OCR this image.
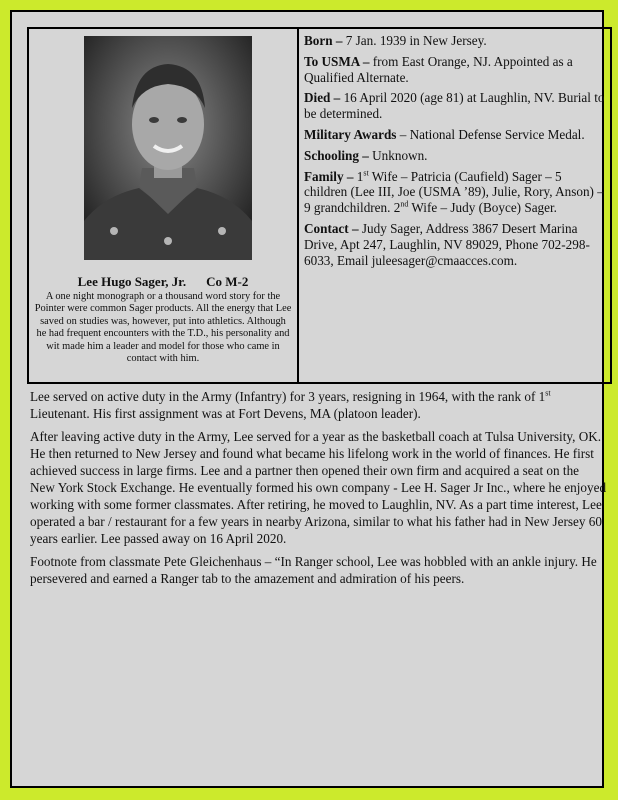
Lee Hugo Sager, Jr. Co M-2
A one night monograph or a thousand word story for the Pointer were common Sager products. All the energy that Lee saved on studies was, however, put into athletics. Although he had frequent encounters with the T.D., his personality and wit made him a leader and model for those who came in contact with him.

Born – 7 Jan. 1939 in New Jersey.

To USMA – from East Orange, NJ. Appointed as a Qualified Alternate.

Died – 16 April 2020 (age 81) at Laughlin, NV. Burial to be determined.

Military Awards – National Defense Service Medal.

Schooling – Unknown.

Family – 1st Wife – Patricia (Caufield) Sager – 5 children (Lee III, Joe (USMA ’89), Julie, Rory, Anson) – 9 grandchildren. 2nd Wife – Judy (Boyce) Sager.

Contact – Judy Sager, Address 3867 Desert Marina Drive, Apt 247, Laughlin, NV 89029, Phone 702-298-6033, Email juleesager@cmaacces.com.

Lee served on active duty in the Army (Infantry) for 3 years, resigning in 1964, with the rank of 1st Lieutenant. His first assignment was at Fort Devens, MA (platoon leader).

After leaving active duty in the Army, Lee served for a year as the basketball coach at Tulsa University, OK. He then returned to New Jersey and found what became his lifelong work in the world of finances. He first achieved success in large firms. Lee and a partner then opened their own firm and acquired a seat on the New York Stock Exchange. He eventually formed his own company - Lee H. Sager Jr Inc., where he enjoyed working with some former classmates. After retiring, he moved to Laughlin, NV. As a part time interest, Lee operated a bar / restaurant for a few years in nearby Arizona, similar to what his father had in New Jersey 60 years earlier. Lee passed away on 16 April 2020.

Footnote from classmate Pete Gleichenhaus – “In Ranger school, Lee was hobbled with an ankle injury. He persevered and earned a Ranger tab to the amazement and admiration of his peers.
